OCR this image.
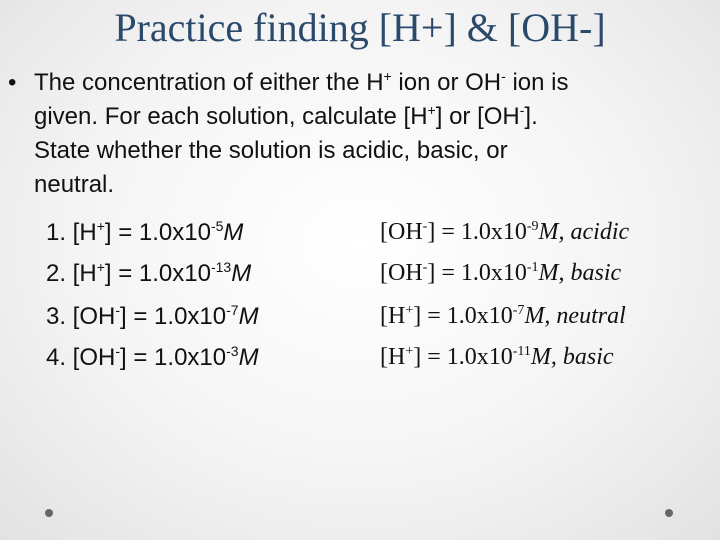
Practice finding [H+] & [OH-]
• The concentration of either the H+ ion or OH- ion is
given. For each solution, calculate [H+] or [OH-].
State whether the solution is acidic, basic, or
neutral.
1. $[H^+] = 1.0x10^{-5}M$
2. $[H^+] = 1.0x10^{-13}M$
3. $[OH^-] = 1.0x10^{-7}M$
4. $[OH^-] = 1.0x10^{-3}M$
$[OH^-] = 1.0x10^{-9}M$, acidic
$[OH^-] = 1.0x10^{-1}M$, basic
$[H^+] = 1.0x10^{-7}M$, neutral
$[H^+] = 1.0x10^{-11}M$, basic
